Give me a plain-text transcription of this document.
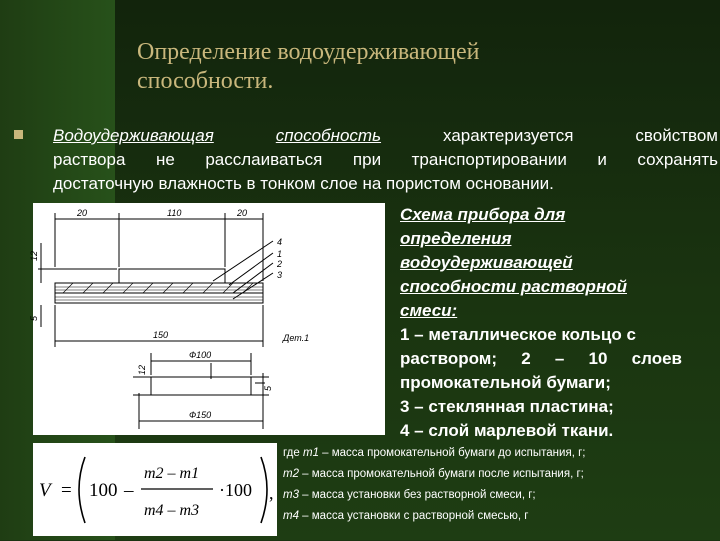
Определение водоудерживающей
способности.
Водоудерживающая	способность	характеризуется свойством
раствора не расслаиваться при транспортировании и сохранять
достаточную влажность в тонком слое на пористом основании.
20	110	20
12
5
150
4
1
2
3
Дет.1
Ф100
Ф150
12
5
Схема прибора для
определения
водоудерживающей
способности растворной
смеси:
1 – металлическое кольцо с
раствором; 2 – 10 слоев
промокательной бумаги;
3 – стеклянная пластина;
4 – слой марлевой ткани.
V = 100 –
m2 – m1
m4 – m3
·100 ,
где m1 – масса промокательной бумаги до испытания, г;
m2 – масса промокательной бумаги после испытания, г;
m3 – масса установки без растворной смеси, г;
m4 – масса установки с растворной смесью, г
